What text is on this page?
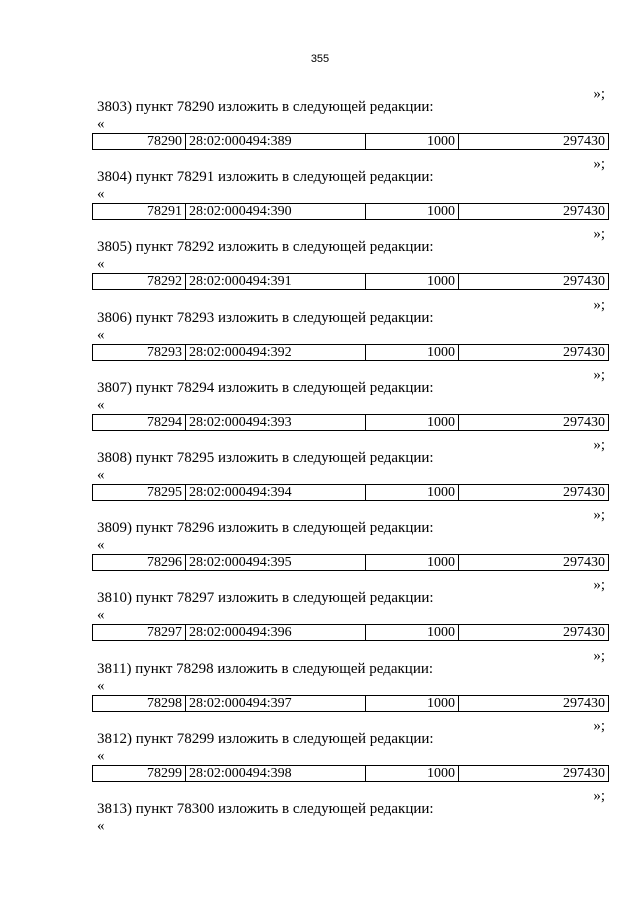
355
»;
3803) пункт 78290 изложить в следующей редакции:
«
78290	28:02:000494:389	1000	297430
»;
3804) пункт 78291 изложить в следующей редакции:
«
78291	28:02:000494:390	1000	297430
»;
3805) пункт 78292 изложить в следующей редакции:
«
78292	28:02:000494:391	1000	297430
»;
3806) пункт 78293 изложить в следующей редакции:
«
78293	28:02:000494:392	1000	297430
»;
3807) пункт 78294 изложить в следующей редакции:
«
78294	28:02:000494:393	1000	297430
»;
3808) пункт 78295 изложить в следующей редакции:
«
78295	28:02:000494:394	1000	297430
»;
3809) пункт 78296 изложить в следующей редакции:
«
78296	28:02:000494:395	1000	297430
»;
3810) пункт 78297 изложить в следующей редакции:
«
78297	28:02:000494:396	1000	297430
»;
3811) пункт 78298 изложить в следующей редакции:
«
78298	28:02:000494:397	1000	297430
»;
3812) пункт 78299 изложить в следующей редакции:
«
78299	28:02:000494:398	1000	297430
»;
3813) пункт 78300 изложить в следующей редакции:
«
